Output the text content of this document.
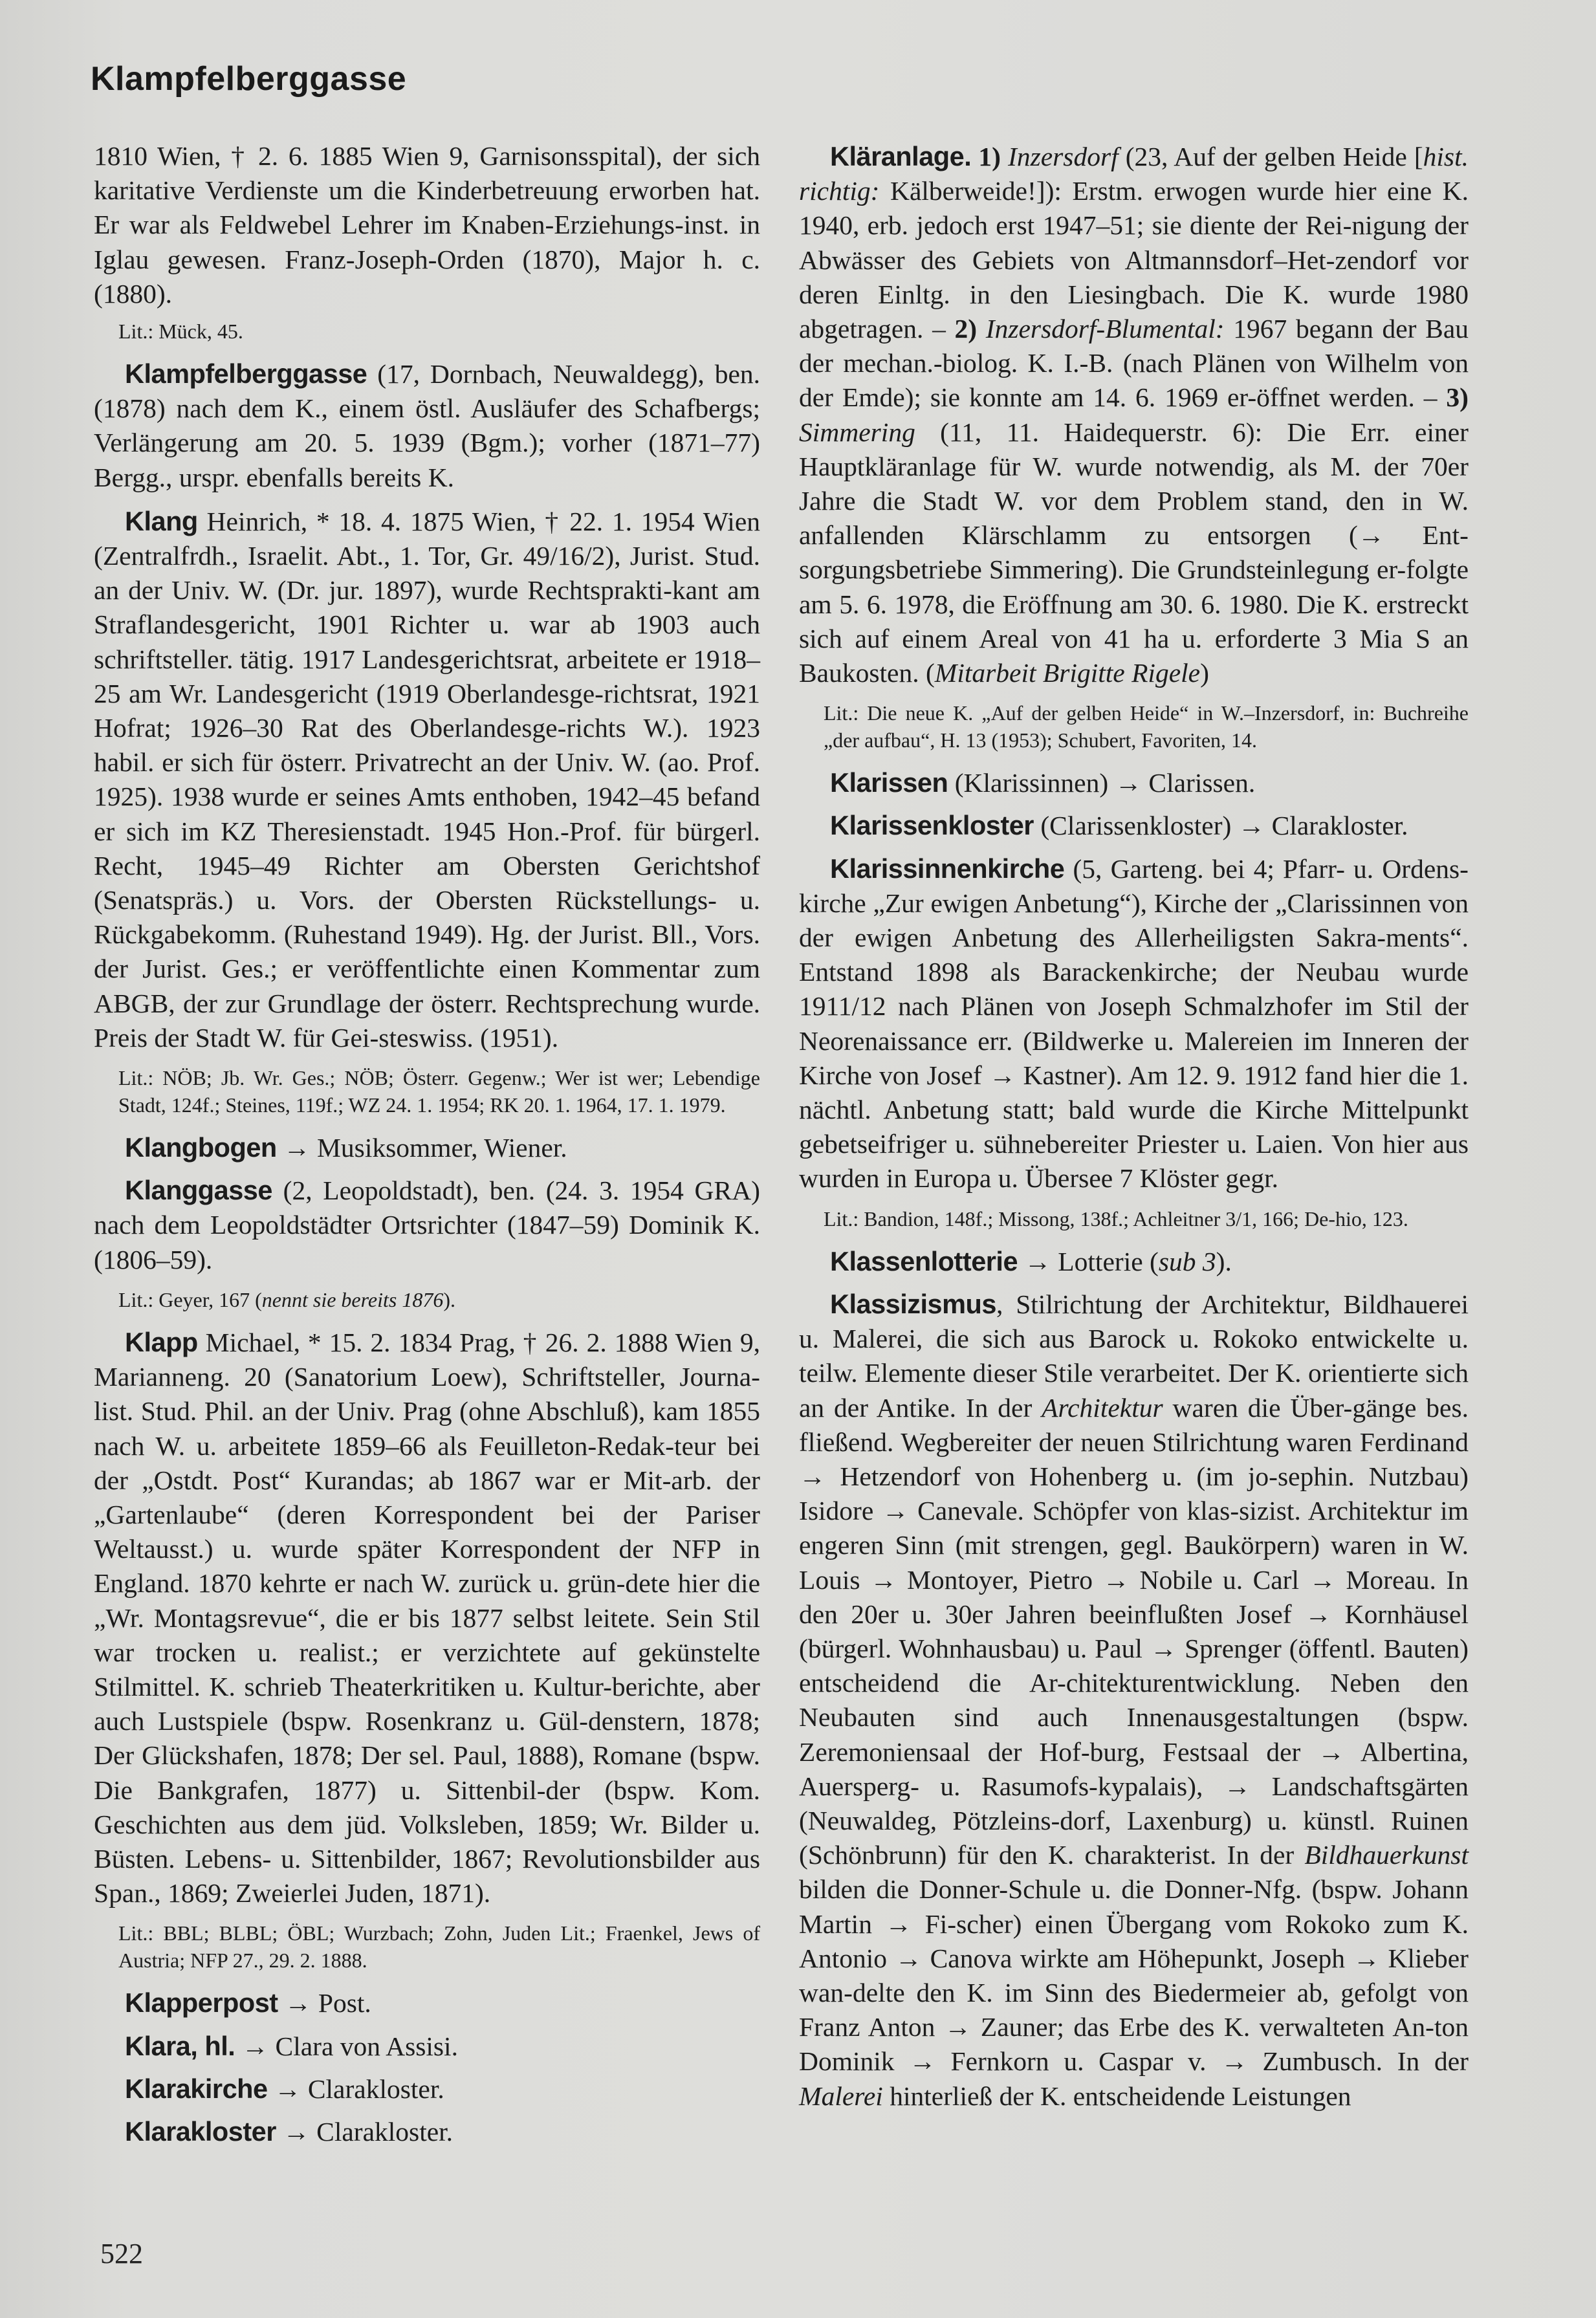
Klampfelberggasse

1810 Wien, † 2. 6. 1885 Wien 9, Garnisonsspital), der sich karitative Verdienste um die Kinderbetreuung erworben hat. Er war als Feldwebel Lehrer im Knaben-Erziehungs-inst. in Iglau gewesen. Franz-Joseph-Orden (1870), Major h. c. (1880).

Lit.: Mück, 45.

Klampfelberggasse (17, Dornbach, Neuwaldegg), ben. (1878) nach dem K., einem östl. Ausläufer des Schafbergs; Verlängerung am 20. 5. 1939 (Bgm.); vorher (1871–77) Bergg., urspr. ebenfalls bereits K.

Klang Heinrich, * 18. 4. 1875 Wien, † 22. 1. 1954 Wien (Zentralfrdh., Israelit. Abt., 1. Tor, Gr. 49/16/2), Jurist. Stud. an der Univ. W. (Dr. jur. 1897), wurde Rechtsprakti-kant am Straflandesgericht, 1901 Richter u. war ab 1903 auch schriftsteller. tätig. 1917 Landesgerichtsrat, arbeitete er 1918–25 am Wr. Landesgericht (1919 Oberlandesge-richtsrat, 1921 Hofrat; 1926–30 Rat des Oberlandesge-richts W.). 1923 habil. er sich für österr. Privatrecht an der Univ. W. (ao. Prof. 1925). 1938 wurde er seines Amts enthoben, 1942–45 befand er sich im KZ Theresienstadt. 1945 Hon.-Prof. für bürgerl. Recht, 1945–49 Richter am Obersten Gerichtshof (Senatspräs.) u. Vors. der Obersten Rückstellungs- u. Rückgabekomm. (Ruhestand 1949). Hg. der Jurist. Bll., Vors. der Jurist. Ges.; er veröffentlichte einen Kommentar zum ABGB, der zur Grundlage der österr. Rechtsprechung wurde. Preis der Stadt W. für Gei-steswiss. (1951).

Lit.: NÖB; Jb. Wr. Ges.; NÖB; Österr. Gegenw.; Wer ist wer; Lebendige Stadt, 124f.; Steines, 119f.; WZ 24. 1. 1954; RK 20. 1. 1964, 17. 1. 1979.

Klangbogen → Musiksommer, Wiener.

Klanggasse (2, Leopoldstadt), ben. (24. 3. 1954 GRA) nach dem Leopoldstädter Ortsrichter (1847–59) Dominik K. (1806–59).

Lit.: Geyer, 167 (nennt sie bereits 1876).

Klapp Michael, * 15. 2. 1834 Prag, † 26. 2. 1888 Wien 9, Marianneng. 20 (Sanatorium Loew), Schriftsteller, Journa-list. Stud. Phil. an der Univ. Prag (ohne Abschluß), kam 1855 nach W. u. arbeitete 1859–66 als Feuilleton-Redak-teur bei der „Ostdt. Post“ Kurandas; ab 1867 war er Mit-arb. der „Gartenlaube“ (deren Korrespondent bei der Pariser Weltausst.) u. wurde später Korrespondent der NFP in England. 1870 kehrte er nach W. zurück u. grün-dete hier die „Wr. Montagsrevue“, die er bis 1877 selbst leitete. Sein Stil war trocken u. realist.; er verzichtete auf gekünstelte Stilmittel. K. schrieb Theaterkritiken u. Kultur-berichte, aber auch Lustspiele (bspw. Rosenkranz u. Gül-denstern, 1878; Der Glückshafen, 1878; Der sel. Paul, 1888), Romane (bspw. Die Bankgrafen, 1877) u. Sittenbil-der (bspw. Kom. Geschichten aus dem jüd. Volksleben, 1859; Wr. Bilder u. Büsten. Lebens- u. Sittenbilder, 1867; Revolutionsbilder aus Span., 1869; Zweierlei Juden, 1871).

Lit.: BBL; BLBL; ÖBL; Wurzbach; Zohn, Juden Lit.; Fraenkel, Jews of Austria; NFP 27., 29. 2. 1888.

Klapperpost → Post.

Klara, hl. → Clara von Assisi.

Klarakirche → Clarakloster.

Klarakloster → Clarakloster.

Kläranlage. 1) Inzersdorf (23, Auf der gelben Heide [hist. richtig: Kälberweide!]): Erstm. erwogen wurde hier eine K. 1940, erb. jedoch erst 1947–51; sie diente der Rei-nigung der Abwässer des Gebiets von Altmannsdorf–Het-zendorf vor deren Einltg. in den Liesingbach. Die K. wurde 1980 abgetragen. – 2) Inzersdorf-Blumental: 1967 begann der Bau der mechan.-biolog. K. I.-B. (nach Plänen von Wilhelm von der Emde); sie konnte am 14. 6. 1969 er-öffnet werden. – 3) Simmering (11, 11. Haidequerstr. 6): Die Err. einer Hauptkläranlage für W. wurde notwendig, als M. der 70er Jahre die Stadt W. vor dem Problem stand, den in W. anfallenden Klärschlamm zu entsorgen (→ Ent-sorgungsbetriebe Simmering). Die Grundsteinlegung er-folgte am 5. 6. 1978, die Eröffnung am 30. 6. 1980. Die K. erstreckt sich auf einem Areal von 41 ha u. erforderte 3 Mia S an Baukosten. (Mitarbeit Brigitte Rigele)

Lit.: Die neue K. „Auf der gelben Heide“ in W.–Inzersdorf, in: Buchreihe „der aufbau“, H. 13 (1953); Schubert, Favoriten, 14.

Klarissen (Klarissinnen) → Clarissen.

Klarissenkloster (Clarissenkloster) → Clarakloster.

Klarissinnenkirche (5, Garteng. bei 4; Pfarr- u. Ordens-kirche „Zur ewigen Anbetung“), Kirche der „Clarissinnen von der ewigen Anbetung des Allerheiligsten Sakra-ments“. Entstand 1898 als Barackenkirche; der Neubau wurde 1911/12 nach Plänen von Joseph Schmalzhofer im Stil der Neorenaissance err. (Bildwerke u. Malereien im Inneren der Kirche von Josef → Kastner). Am 12. 9. 1912 fand hier die 1. nächtl. Anbetung statt; bald wurde die Kirche Mittelpunkt gebetseifriger u. sühnebereiter Priester u. Laien. Von hier aus wurden in Europa u. Übersee 7 Klöster gegr.

Lit.: Bandion, 148f.; Missong, 138f.; Achleitner 3/1, 166; De-hio, 123.

Klassenlotterie → Lotterie (sub 3).

Klassizismus, Stilrichtung der Architektur, Bildhauerei u. Malerei, die sich aus Barock u. Rokoko entwickelte u. teilw. Elemente dieser Stile verarbeitet. Der K. orientierte sich an der Antike. In der Architektur waren die Über-gänge bes. fließend. Wegbereiter der neuen Stilrichtung waren Ferdinand → Hetzendorf von Hohenberg u. (im jo-sephin. Nutzbau) Isidore → Canevale. Schöpfer von klas-sizist. Architektur im engeren Sinn (mit strengen, gegl. Baukörpern) waren in W. Louis → Montoyer, Pietro → Nobile u. Carl → Moreau. In den 20er u. 30er Jahren beeinflußten Josef → Kornhäusel (bürgerl. Wohnhausbau) u. Paul → Sprenger (öffentl. Bauten) entscheidend die Ar-chitekturentwicklung. Neben den Neubauten sind auch Innenausgestaltungen (bspw. Zeremoniensaal der Hof-burg, Festsaal der → Albertina, Auersperg- u. Rasumofs-kypalais), → Landschaftsgärten (Neuwaldeg, Pötzleins-dorf, Laxenburg) u. künstl. Ruinen (Schönbrunn) für den K. charakterist. In der Bildhauerkunst bilden die Donner-Schule u. die Donner-Nfg. (bspw. Johann Martin → Fi-scher) einen Übergang vom Rokoko zum K. Antonio → Canova wirkte am Höhepunkt, Joseph → Klieber wan-delte den K. im Sinn des Biedermeier ab, gefolgt von Franz Anton → Zauner; das Erbe des K. verwalteten An-ton Dominik → Fernkorn u. Caspar v. → Zumbusch. In der Malerei hinterließ der K. entscheidende Leistungen

522
